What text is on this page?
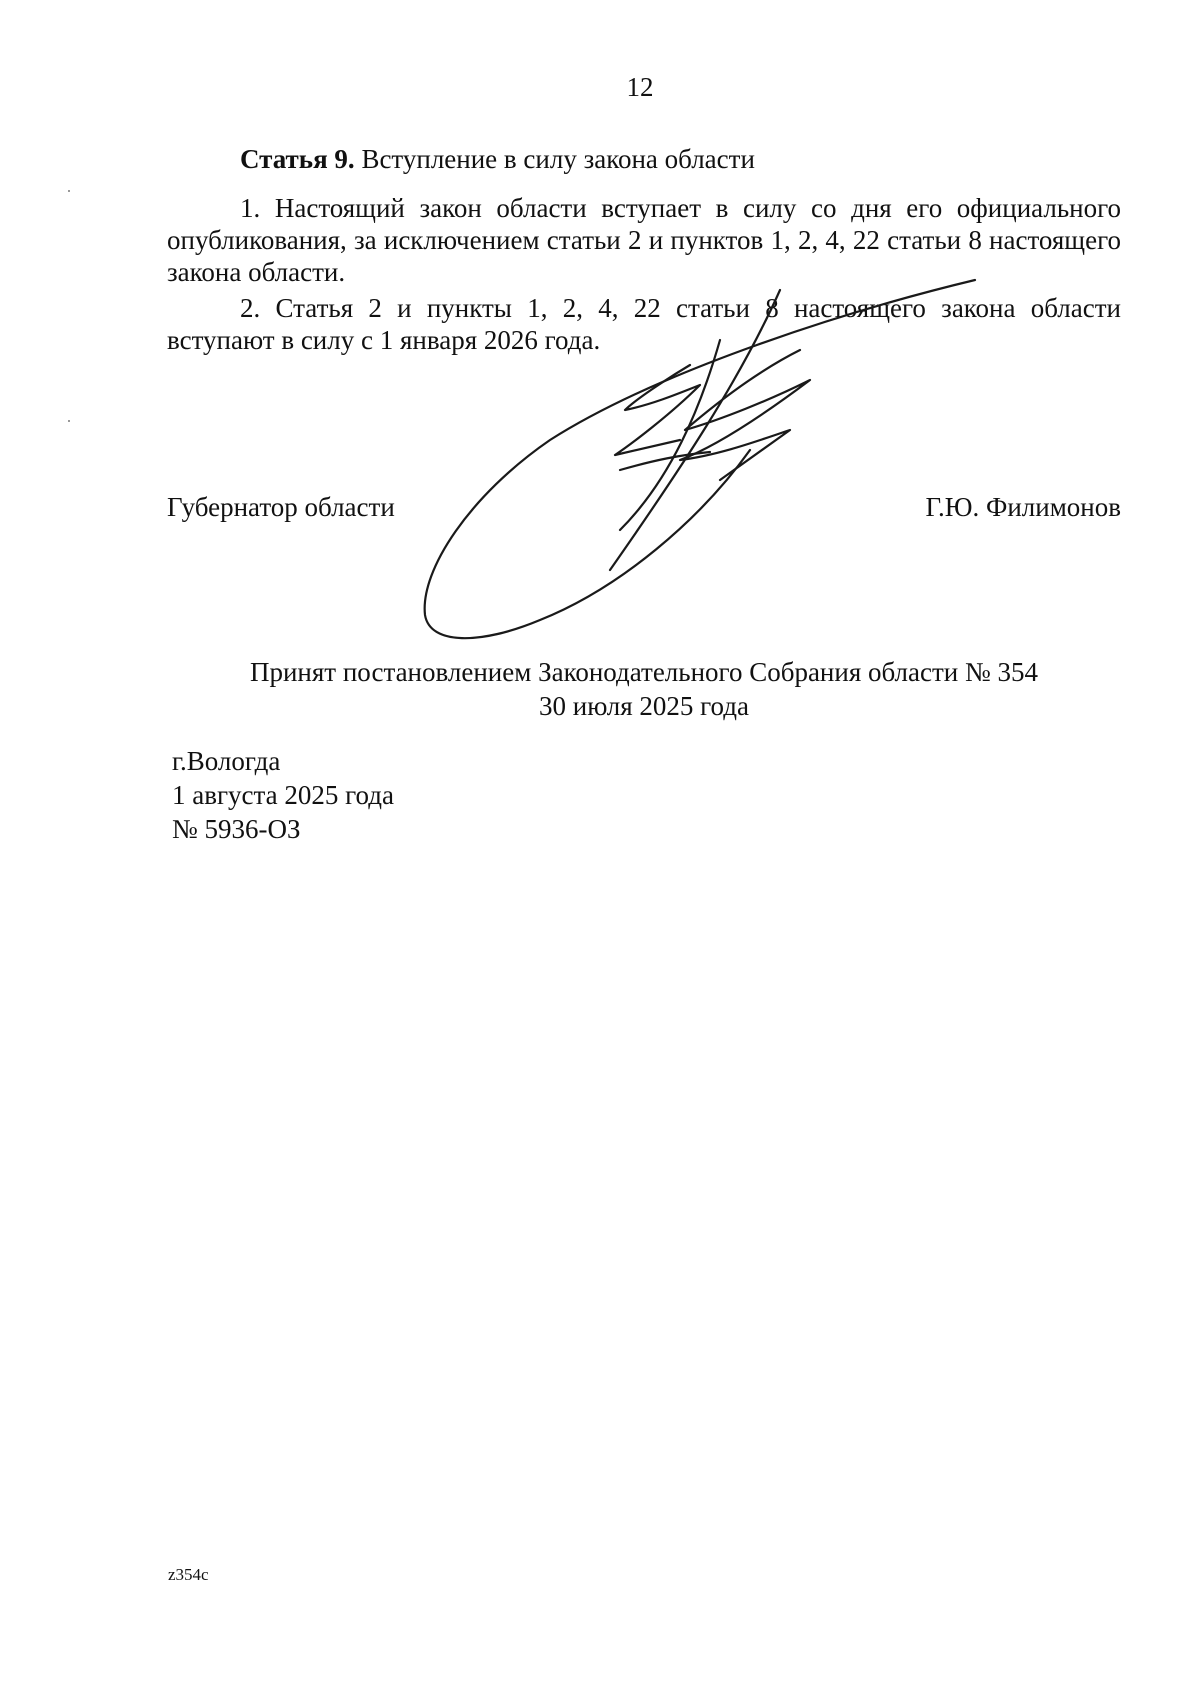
12
Статья 9. Вступление в силу закона области

1. Настоящий закон области вступает в силу со дня его официального опубликования, за исключением статьи 2 и пунктов 1, 2, 4, 22 статьи 8 настоящего закона области.

2. Статья 2 и пункты 1, 2, 4, 22 статьи 8 настоящего закона области вступают в силу с 1 января 2026 года.

Губернатор области	Г.Ю. Филимонов
Принят постановлением Законодательного Собрания области № 354
30 июля 2025 года
г.Вологда
1 августа 2025 года
№ 5936-ОЗ
z354c
